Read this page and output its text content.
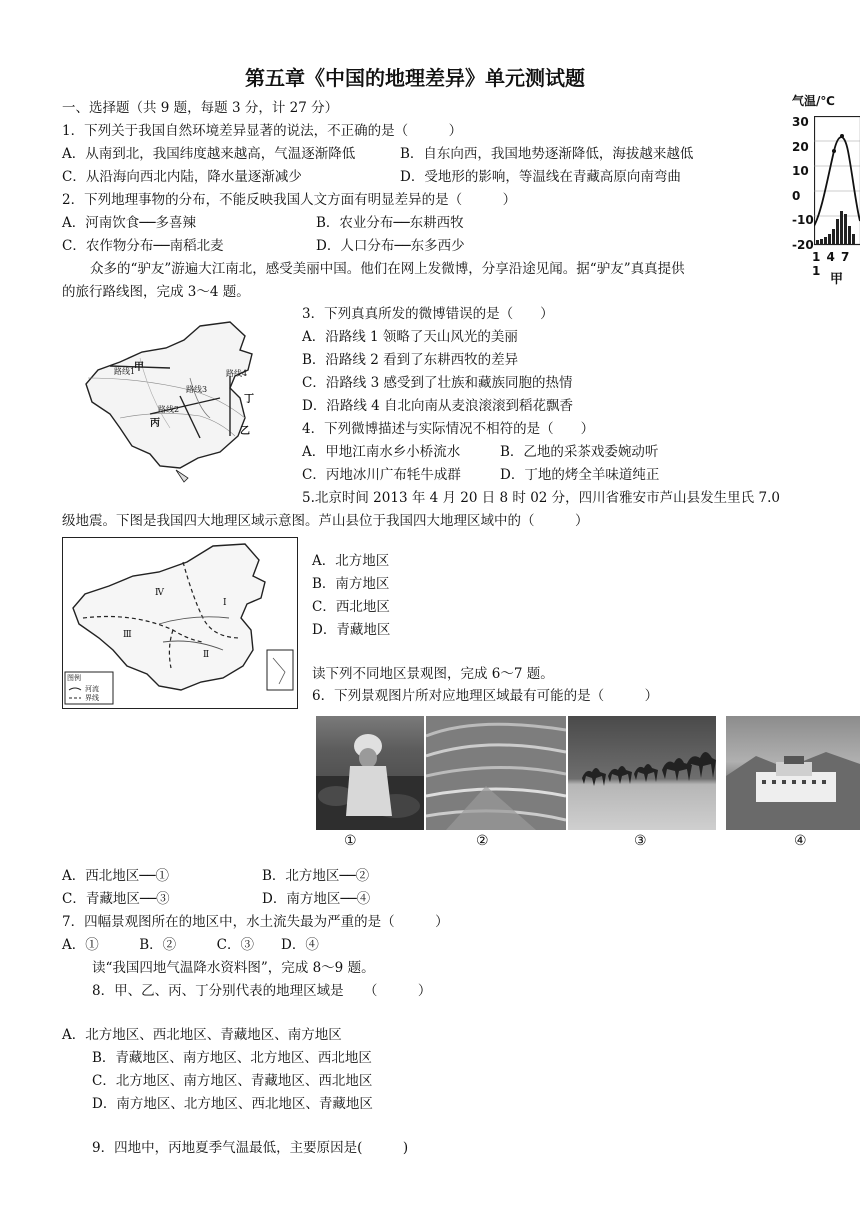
第五章《中国的地理差异》单元测试题
一、选择题（共 9 题，每题 3 分，计 27 分）
1．下列关于我国自然环境差异显著的说法，不正确的是（　　　）
A．从南到北，我国纬度越来越高，气温逐渐降低	B．自东向西，我国地势逐渐降低，海拔越来越低
C．从沿海向西北内陆，降水量逐渐减少	D．受地形的影响，等温线在青藏高原向南弯曲
2．下列地理事物的分布，不能反映我国人文方面有明显差异的是（　　　）
A．河南饮食──多喜辣	B．农业分布──东耕西牧
C．农作物分布──南稻北麦	D．人口分布──东多西少
众多的“驴友”游遍大江南北，感受美丽中国。他们在网上发微博，分享沿途见闻。据“驴友”真真提供
的旅行路线图，完成 3～4 题。
气温/℃
30
20
10
0
-10
-20
1 4 7 1
甲
路线1
路线2
路线3
路线4
甲
乙
丙
丁
3．下列真真所发的微博错误的是（　　）
A．沿路线 1 领略了天山风光的美丽
B．沿路线 2 看到了东耕西牧的差异
C．沿路线 3 感受到了壮族和藏族同胞的热情
D．沿路线 4 自北向南从麦浪滚滚到稻花飘香
4．下列微博描述与实际情况不相符的是（　　）
A．甲地江南水乡小桥流水	B．乙地的采茶戏委婉动听
C．丙地冰川广布牦牛成群	D．丁地的烤全羊味道纯正
5.北京时间 2013 年 4 月 20 日 8 时 02 分，四川省雅安市芦山县发生里氏 7.0
级地震。下图是我国四大地理区域示意图。芦山县位于我国四大地理区域中的（　　　）
图例
河流
界线
Ⅰ
Ⅱ
Ⅲ
Ⅳ
A．北方地区
B．南方地区
C．西北地区
D．青藏地区
读下列不同地区景观图，完成 6～7 题。
6．下列景观图片所对应地理区域最有可能的是（　　　）
①	②	③	④
A．西北地区──①	B．北方地区──②
C．青藏地区──③	D．南方地区──④
7．四幅景观图所在的地区中，水土流失最为严重的是（　　　）
A．①　　　B．②　　　C．③　　D．④
读“我国四地气温降水资料图”，完成 8～9 题。
8．甲、乙、丙、丁分别代表的地理区域是　　（　　　）
A．北方地区、西北地区、青藏地区、南方地区
B．青藏地区、南方地区、北方地区、西北地区
C．北方地区、南方地区、青藏地区、西北地区
D．南方地区、北方地区、西北地区、青藏地区
9．四地中，丙地夏季气温最低，主要原因是(　　　)
